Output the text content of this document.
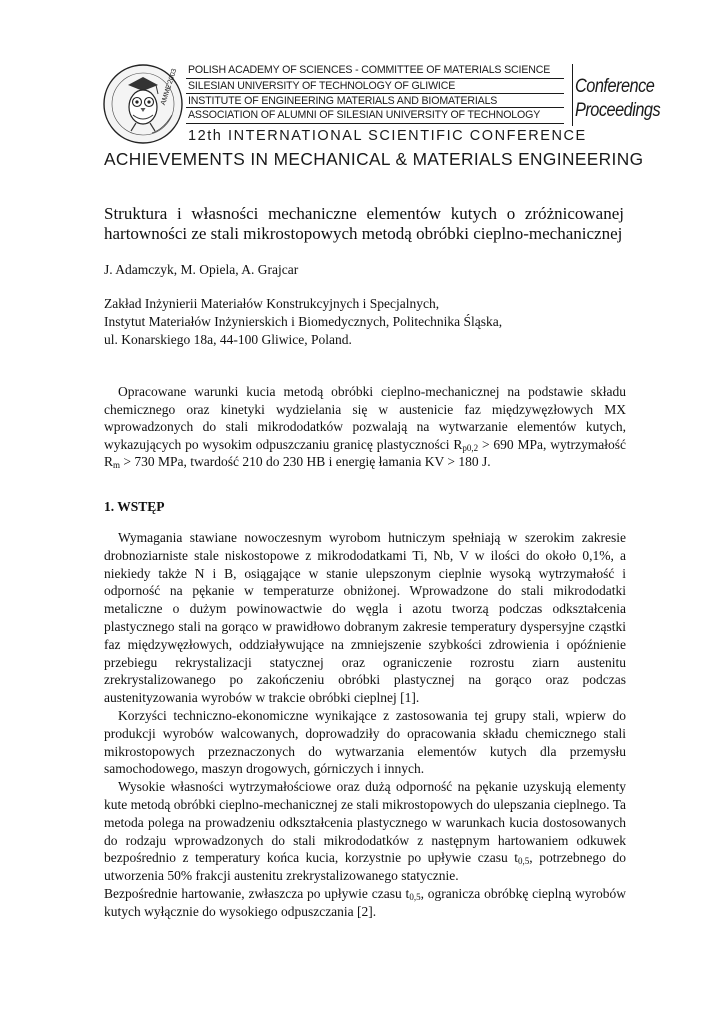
AMME'2003 POLISH ACADEMY OF SCIENCES - COMMITTEE OF MATERIALS SCIENCE
SILESIAN UNIVERSITY OF TECHNOLOGY OF GLIWICE
INSTITUTE OF ENGINEERING MATERIALS AND BIOMATERIALS
ASSOCIATION OF ALUMNI OF SILESIAN UNIVERSITY OF TECHNOLOGY
Conference
Proceedings
12th INTERNATIONAL SCIENTIFIC CONFERENCE
ACHIEVEMENTS IN MECHANICAL & MATERIALS ENGINEERING
Struktura i własności mechaniczne elementów kutych o zróżnicowanej hartowności ze stali mikrostopowych metodą obróbki cieplno-mechanicznej
J. Adamczyk, M. Opiela, A. Grajcar
Zakład Inżynierii Materiałów Konstrukcyjnych i Specjalnych,
Instytut Materiałów Inżynierskich i Biomedycznych, Politechnika Śląska,
ul. Konarskiego 18a, 44-100 Gliwice, Poland.

Opracowane warunki kucia metodą obróbki cieplno-mechanicznej na podstawie składu chemicznego oraz kinetyki wydzielania się w austenicie faz międzywęzłowych MX wprowadzonych do stali mikrododatków pozwalają na wytwarzanie elementów kutych, wykazujących po wysokim odpuszczaniu granicę plastyczności $R_{p0,2} > 690$ MPa, wytrzymałość $R_m > 730$ MPa, twardość 210 do 230 HB i energię łamania KV > 180 J.

1. WSTĘP

Wymagania stawiane nowoczesnym wyrobom hutniczym spełniają w szerokim zakresie drobnoziarniste stale niskostopowe z mikrododatkami Ti, Nb, V w ilości do około 0,1%, a niekiedy także N i B, osiągające w stanie ulepszonym cieplnie wysoką wytrzymałość i odporność na pękanie w temperaturze obniżonej. Wprowadzone do stali mikrododatki metaliczne o dużym powinowactwie do węgla i azotu tworzą podczas odkształcenia plastycznego stali na gorąco w prawidłowo dobranym zakresie temperatury dyspersyjne cząstki faz międzywęzłowych, oddziaływujące na zmniejszenie szybkości zdrowienia i opóźnienie przebiegu rekrystalizacji statycznej oraz ograniczenie rozrostu ziarn austenitu zrekrystalizowanego po zakończeniu obróbki plastycznej na gorąco oraz podczas austenityzowania wyrobów w trakcie obróbki cieplnej [1].

Korzyści techniczno-ekonomiczne wynikające z zastosowania tej grupy stali, wpierw do produkcji wyrobów walcowanych, doprowadziły do opracowania składu chemicznego stali mikrostopowych przeznaczonych do wytwarzania elementów kutych dla przemysłu samochodowego, maszyn drogowych, górniczych i innych.

Wysokie własności wytrzymałościowe oraz dużą odporność na pękanie uzyskują elementy kute metodą obróbki cieplno-mechanicznej ze stali mikrostopowych do ulepszania cieplnego. Ta metoda polega na prowadzeniu odkształcenia plastycznego w warunkach kucia dostosowanych do rodzaju wprowadzonych do stali mikrododatków z następnym hartowaniem odkuwek bezpośrednio z temperatury końca kucia, korzystnie po upływie czasu $t_{0,5}$, potrzebnego do utworzenia 50% frakcji austenitu zrekrystalizowanego statycznie.

Bezpośrednie hartowanie, zwłaszcza po upływie czasu $t_{0,5}$, ogranicza obróbkę cieplną wyrobów kutych wyłącznie do wysokiego odpuszczania [2].
